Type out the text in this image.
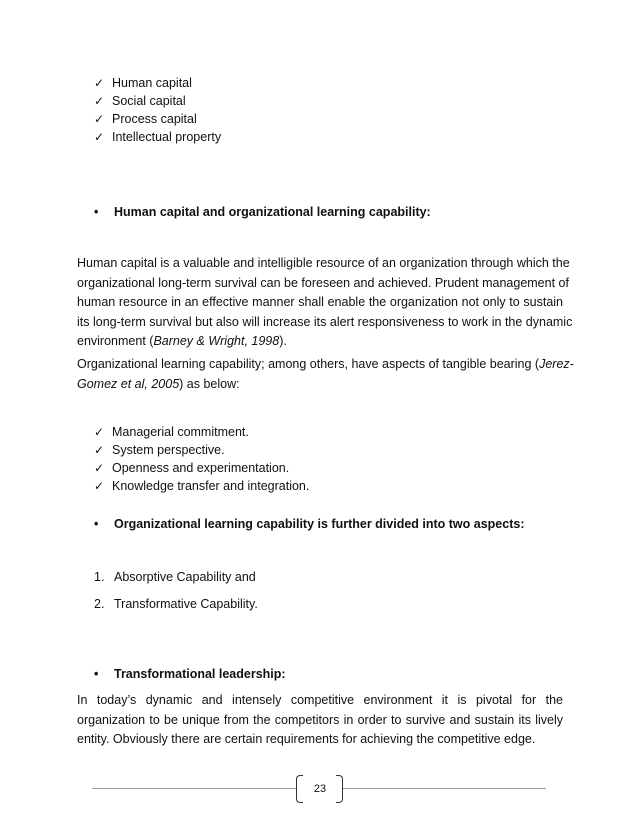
✓ Human capital
✓ Social capital
✓ Process capital
✓ Intellectual property
• Human capital and organizational learning capability:
Human capital is a valuable and intelligible resource of an organization through which the
organizational long-term survival can be foreseen and achieved. Prudent management of
human resource in an effective manner shall enable the organization not only to sustain
its long-term survival but also will increase its alert responsiveness to work in the dynamic
environment (Barney & Wright, 1998).
Organizational learning capability; among others, have aspects of tangible bearing (Jerez-
Gomez et al, 2005) as below:
✓ Managerial commitment.
✓ System perspective.
✓ Openness and experimentation.
✓ Knowledge transfer and integration.
• Organizational learning capability is further divided into two aspects:
1. Absorptive Capability and
2. Transformative Capability.
• Transformational leadership:
In today’s dynamic and intensely competitive environment it is pivotal for the
organization to be unique from the competitors in order to survive and sustain its lively
entity. Obviously there are certain requirements for achieving the competitive edge.
23
